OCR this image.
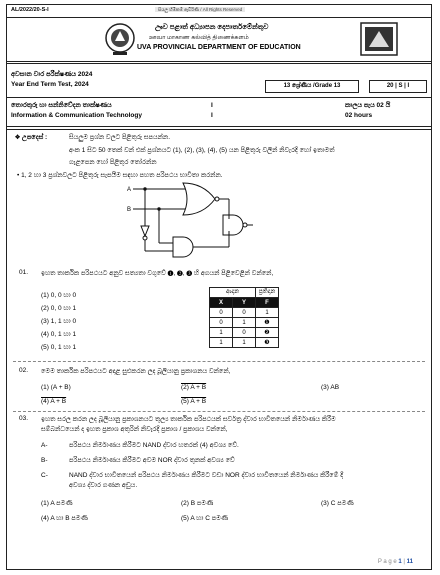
AL/2022/20-S-I	සියලු හිමිකම් ඇවිරිණි / All Rights Reserved
ඌව පළාත් අධ්‍යාපන දෙපාර්තමේන්තුව
ஊவா மாகாண கல்வித் திணைக்களம்
UVA PROVINCIAL DEPARTMENT OF EDUCATION
අවසාන වාර පරීක්ෂණය 2024
Year End Term Test, 2024	13 ශ්‍රේණිය /Grade 13	20 | S | I
තොරතුරු හා සන්නිවේදන තාක්ෂණය
Information & Communication Technology
I
I
කාලය පැය 02 යි
02 hours
❖ උපදෙස් :	සියලුම ප්‍රශ්න වලට පිළිතුරු සපයන්න.
අංක 1 සිට 50 තෙක් වන් එක් ප්‍රශ්නයට (1), (2), (3), (4), (5) යන පිළිතුරු වලින් නිවැරදි හෝ ඉතාමත්
ගැළපෙන හෝ පිළිතුර තෝරන්න
• 1, 2 හා 3 ප්‍රශ්නවලට පිළිතුරු සැපයීම සඳහා පහත පරිපථය භාවිතා කරන්න.
A
B
01. ඉහත තාර්කික පරිපථයට අනුව සත්‍යතා වගුවේ ❶, ❷, ❸ හි අගයන් පිළිවෙළින් වන්නේ,
(1) 0, 0 හා 0
(2) 0, 0 හා 1
(3) 1, 1 හා 0
(4) 0, 1 හා 1
(5) 0, 1 හා 1
ආදාන		ප්‍රතිදාන
X	Y	F
0	0	1
0	1	❶
1	0	❷
1	1	❸
02. මෙම තාර්කික පරිපථයට අදාළ සුළුකරන ලද බූලියානු ප්‍රකාශනය වන්නේ,
(1) (A + B)	(2) A + B	(3) AB
(4) A + B	(5) A + B
03. ඉහත සරල කරන ලද බූලියානු ප්‍රකාශනයට තුල්‍ය තාර්කික පරිපථයක් සර්වත්‍ර ද්වාර භාවිතයෙන් නිර්මාණය කිරීම
සම්බන්ධයෙන් ද ඉහත ප්‍රකාශ අතුරින් නිවැරදි ප්‍රකාශ / ප්‍රකාශය වන්නේ,
A-	පරිපථය නිර්මාණය කිරීමට NAND ද්වාර හතරක් (4) අවශ්‍ය වේ.
B-	පරිපථය නිර්මාණය කිරීමට අවම NOR ද්වාර තුනක් අවශ්‍ය වේ
C-	NAND ද්වාර භාවිතයෙන් පරිපථය නිර්මාණය කිරීමට වඩා NOR ද්වාර භාවිතයෙන් නිර්මාණය කිරීමේ දී
අවශ්‍ය ද්වාර ගණන අඩුය.
(1) A පමණි	(2) B පමණි	(3) C පමණි
(4) A හා B පමණි	(5) A හා C පමණි
P a g e 1 | 11
